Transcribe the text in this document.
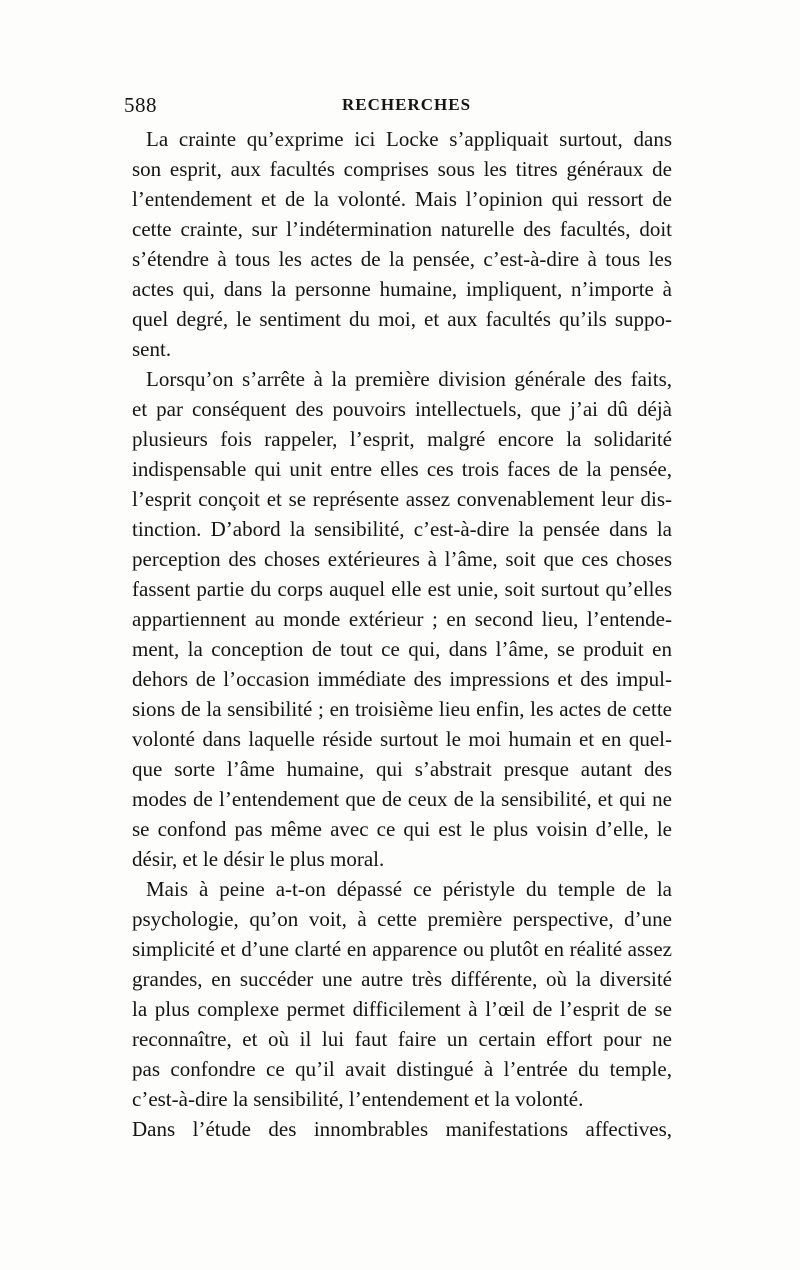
588	RECHERCHES
La crainte qu’exprime ici Locke s’appliquait surtout, dans
son esprit, aux facultés comprises sous les titres généraux de
l’entendement et de la volonté. Mais l’opinion qui ressort de
cette crainte, sur l’indétermination naturelle des facultés, doit
s’étendre à tous les actes de la pensée, c’est-à-dire à tous les
actes qui, dans la personne humaine, impliquent, n’importe à
quel degré, le sentiment du moi, et aux facultés qu’ils suppo-
sent.
Lorsqu’on s’arrête à la première division générale des faits,
et par conséquent des pouvoirs intellectuels, que j’ai dû déjà
plusieurs fois rappeler, l’esprit, malgré encore la solidarité
indispensable qui unit entre elles ces trois faces de la pensée,
l’esprit conçoit et se représente assez convenablement leur dis-
tinction. D’abord la sensibilité, c’est-à-dire la pensée dans la
perception des choses extérieures à l’âme, soit que ces choses
fassent partie du corps auquel elle est unie, soit surtout qu’elles
appartiennent au monde extérieur ; en second lieu, l’entende-
ment, la conception de tout ce qui, dans l’âme, se produit en
dehors de l’occasion immédiate des impressions et des impul-
sions de la sensibilité ; en troisième lieu enfin, les actes de cette
volonté dans laquelle réside surtout le moi humain et en quel-
que sorte l’âme humaine, qui s’abstrait presque autant des
modes de l’entendement que de ceux de la sensibilité, et qui ne
se confond pas même avec ce qui est le plus voisin d’elle, le
désir, et le désir le plus moral.
Mais à peine a-t-on dépassé ce péristyle du temple de la
psychologie, qu’on voit, à cette première perspective, d’une
simplicité et d’une clarté en apparence ou plutôt en réalité assez
grandes, en succéder une autre très différente, où la diversité
la plus complexe permet difficilement à l’œil de l’esprit de se
reconnaître, et où il lui faut faire un certain effort pour ne
pas confondre ce qu’il avait distingué à l’entrée du temple,
c’est-à-dire la sensibilité, l’entendement et la volonté.
Dans l’étude des innombrables manifestations affectives,
